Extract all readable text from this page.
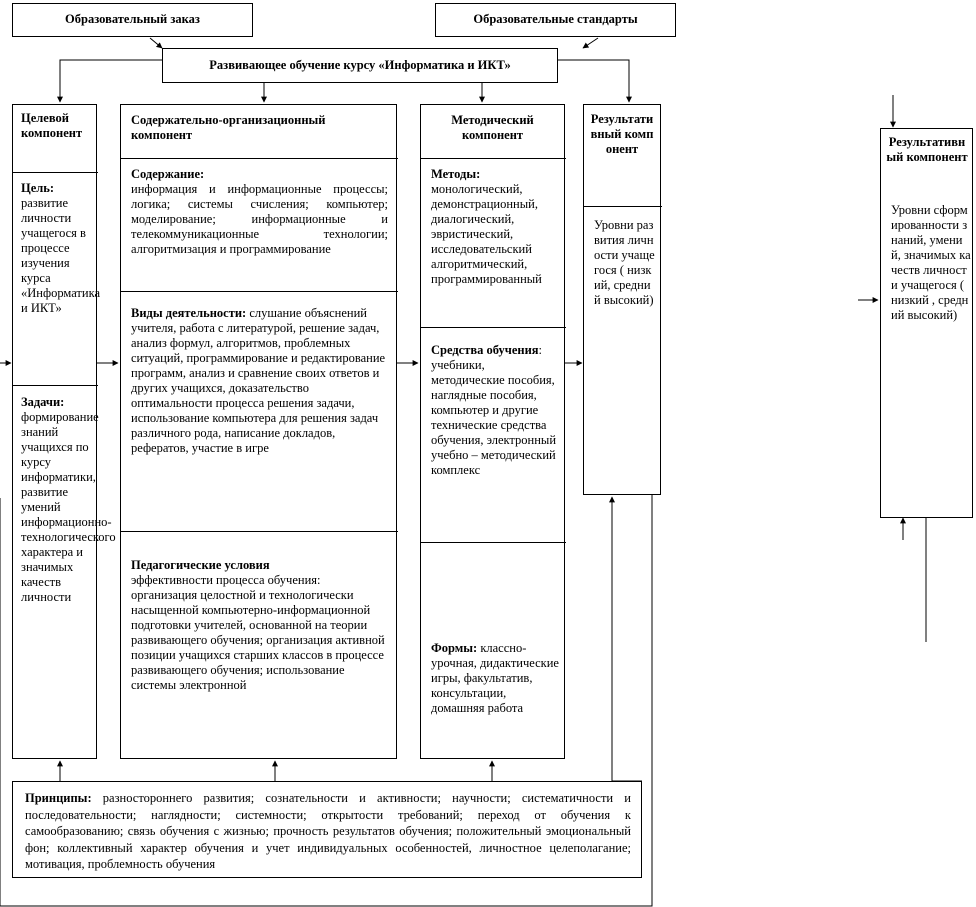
Образовательный заказ	Образовательные стандарты
Развивающее обучение курсу «Информатика и ИКТ»
Целевой компонент
Цель: развитие личности учащегося в процессе изучения курса «Информатика и ИКТ»
Задачи: формирование знаний учащихся по курсу информатики, развитие умений информационно-технологического характера и значимых качеств личности
Содержательно-организационный компонент
Содержание:
информация и информационные процессы; логика; системы счисления; компьютер; моделирование; информационные и телекоммуникационные технологии; алгоритмизация и программирование
Виды деятельности: слушание объяснений учителя, работа с литературой, решение задач, анализ формул, алгоритмов, проблемных ситуаций, программирование и редактирование программ, анализ и сравнение своих ответов и других учащихся, доказательство оптимальности процесса решения задачи, использование компьютера для решения задач различного рода, написание докладов, рефератов, участие в игре
Педагогические условия
эффективности процесса обучения: организация целостной и технологически насыщенной компьютерно-информационной подготовки учителей, основанной на теории развивающего обучения; организация активной позиции учащихся старших классов в процессе развивающего обучения; использование системы электронной
Методический компонент
Методы:
монологический, демонстрационный, диалогический, эвристический, исследовательский алгоритмический, программированный
Средства обучения: учебники, методические пособия, наглядные пособия, компьютер и другие технические средства обучения, электронный учебно – методический комплекс
Формы: классно-урочная, дидактические игры, факультатив, консультации, домашняя работа
Результативный компонент
Уровни развития личности учащегося ( низкий, средний высокий)
Результативный компонент
Уровни сформированности знаний, умений, значимых качеств личности учащегося ( низкий , средний высокий)
Принципы: разностороннего развития; сознательности и активности; научности; систематичности и последовательности; наглядности; системности; открытости требований; переход от обучения к самообразованию; связь обучения с жизнью; прочность результатов обучения; положительный эмоциональный фон; коллективный характер обучения и учет индивидуальных особенностей, личностное целеполагание; мотивация, проблемность обучения
